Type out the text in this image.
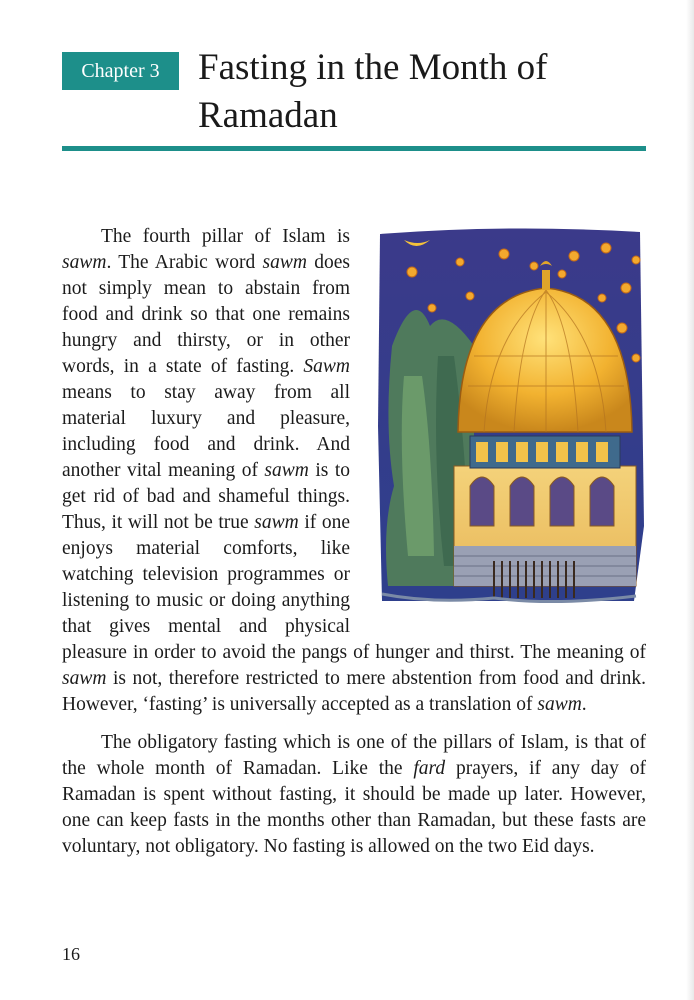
Chapter 3	Fasting in the Month of Ramadan

The fourth pillar of Islam is sawm. The Arabic word sawm does not simply mean to abstain from food and drink so that one remains hungry and thirsty, or in other words, in a state of fasting. Sawm means to stay away from all material luxury and pleasure, including food and drink. And another vital meaning of sawm is to get rid of bad and shameful things. Thus, it will not be true sawm if one enjoys material comforts, like watching television programmes or listening to music or doing anything that gives mental and physical pleasure in order to avoid the pangs of hunger and thirst. The meaning of sawm is not, therefore restricted to mere abstention from food and drink. However, ‘fasting’ is universally accepted as a translation of sawm.

The obligatory fasting which is one of the pillars of Islam, is that of the whole month of Ramadan. Like the fard prayers, if any day of Ramadan is spent without fasting, it should be made up later. However, one can keep fasts in the months other than Ramadan, but these fasts are voluntary, not obligatory. No fasting is allowed on the two Eid days.

16
